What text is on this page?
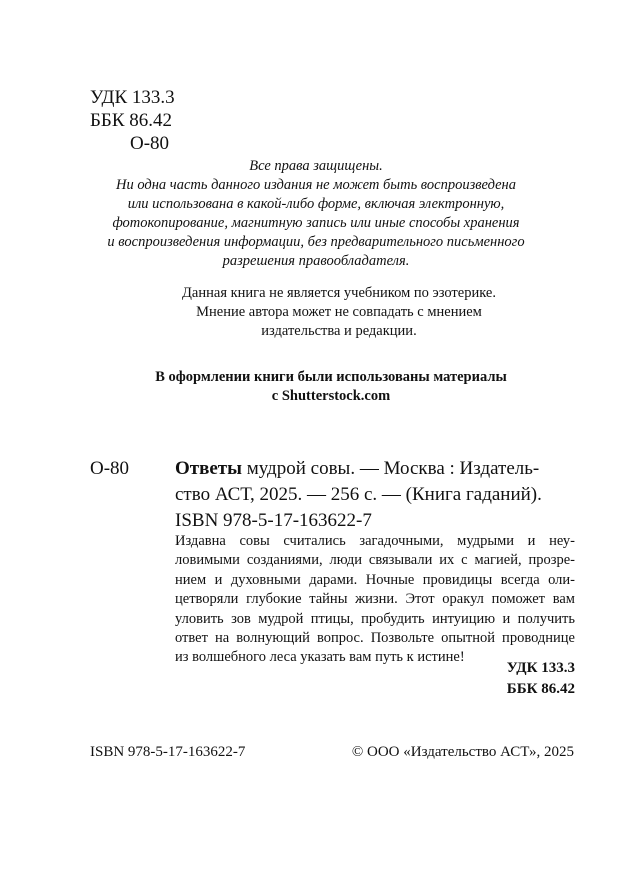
УДК 133.3
ББК 86.42
О-80
Все права защищены.
Ни одна часть данного издания не может быть воспроизведена
или использована в какой-либо форме, включая электронную,
фотокопирование, магнитную запись или иные способы хранения
и воспроизведения информации, без предварительного письменного
разрешения правообладателя.
Данная книга не является учебником по эзотерике.
Мнение автора может не совпадать с мнением
издательства и редакции.
В оформлении книги были использованы материалы
с Shutterstock.com
О-80 Ответы мудрой совы. — Москва : Издатель-
ство АСТ, 2025. — 256 с. — (Книга гаданий).
ISBN 978-5-17-163622-7
Издавна совы считались загадочными, мудрыми и неу-
ловимыми созданиями, люди связывали их с магией, прозре-
нием и духовными дарами. Ночные провидицы всегда оли-
цетворяли глубокие тайны жизни. Этот оракул поможет вам
уловить зов мудрой птицы, пробудить интуицию и получить
ответ на волнующий вопрос. Позвольте опытной проводнице
из волшебного леса указать вам путь к истине!
УДК 133.3
ББК 86.42
ISBN 978-5-17-163622-7	© ООО «Издательство АСТ», 2025
